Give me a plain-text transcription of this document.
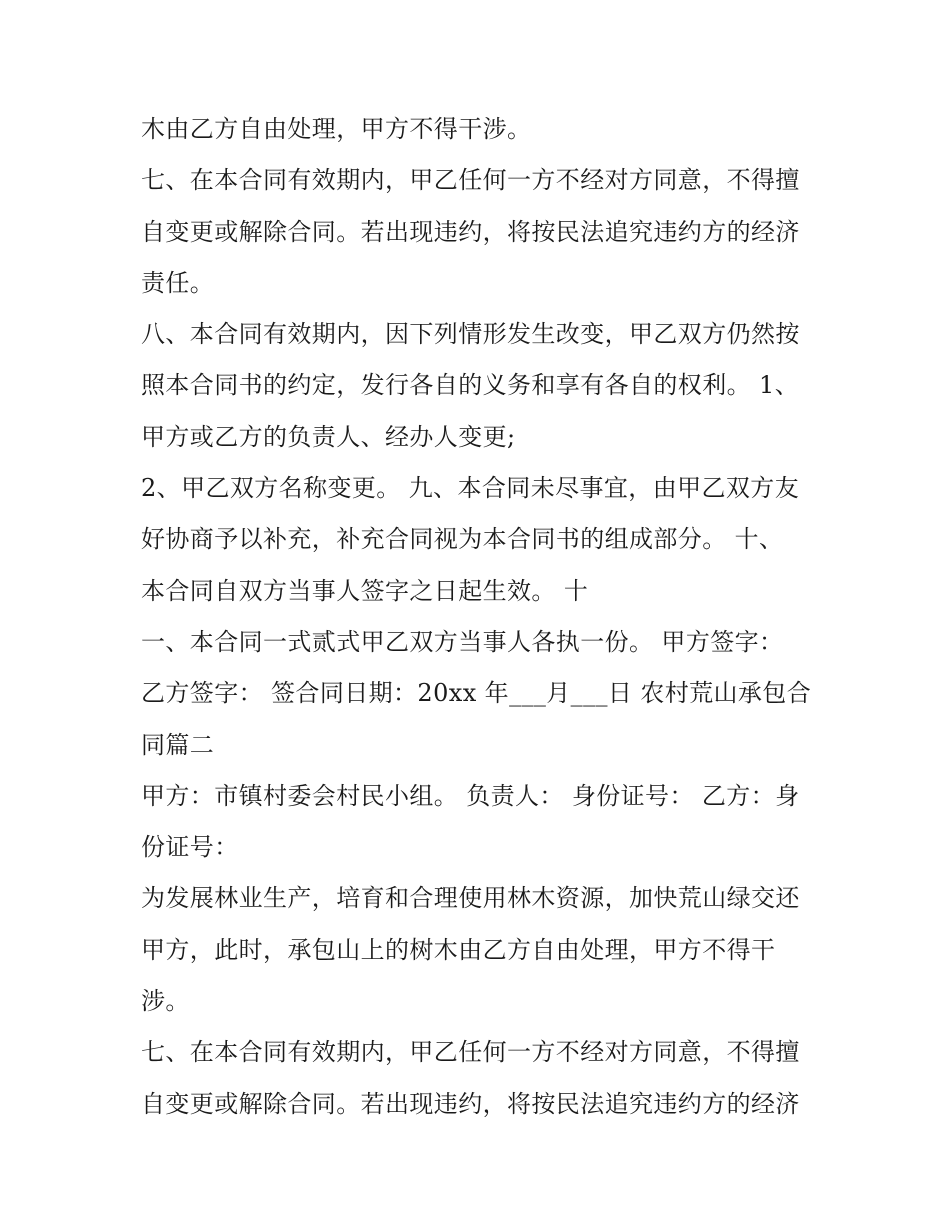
木由乙方自由处理，甲方不得干涉。
七、在本合同有效期内，甲乙任何一方不经对方同意，不得擅
自变更或解除合同。若出现违约，将按民法追究违约方的经济
责任。
八、本合同有效期内，因下列情形发生改变，甲乙双方仍然按
照本合同书的约定，发行各自的义务和享有各自的权利。 1、
甲方或乙方的负责人、经办人变更;
2、甲乙双方名称变更。 九、本合同未尽事宜，由甲乙双方友
好协商予以补充，补充合同视为本合同书的组成部分。 十、
本合同自双方当事人签字之日起生效。 十
一、本合同一式贰式甲乙双方当事人各执一份。 甲方签字：
乙方签字： 签合同日期：20xx 年___月___日 农村荒山承包合
同篇二
甲方：市镇村委会村民小组。 负责人： 身份证号： 乙方：身
份证号：
为发展林业生产，培育和合理使用林木资源，加快荒山绿交还
甲方，此时，承包山上的树木由乙方自由处理，甲方不得干
涉。
七、在本合同有效期内，甲乙任何一方不经对方同意，不得擅
自变更或解除合同。若出现违约，将按民法追究违约方的经济
